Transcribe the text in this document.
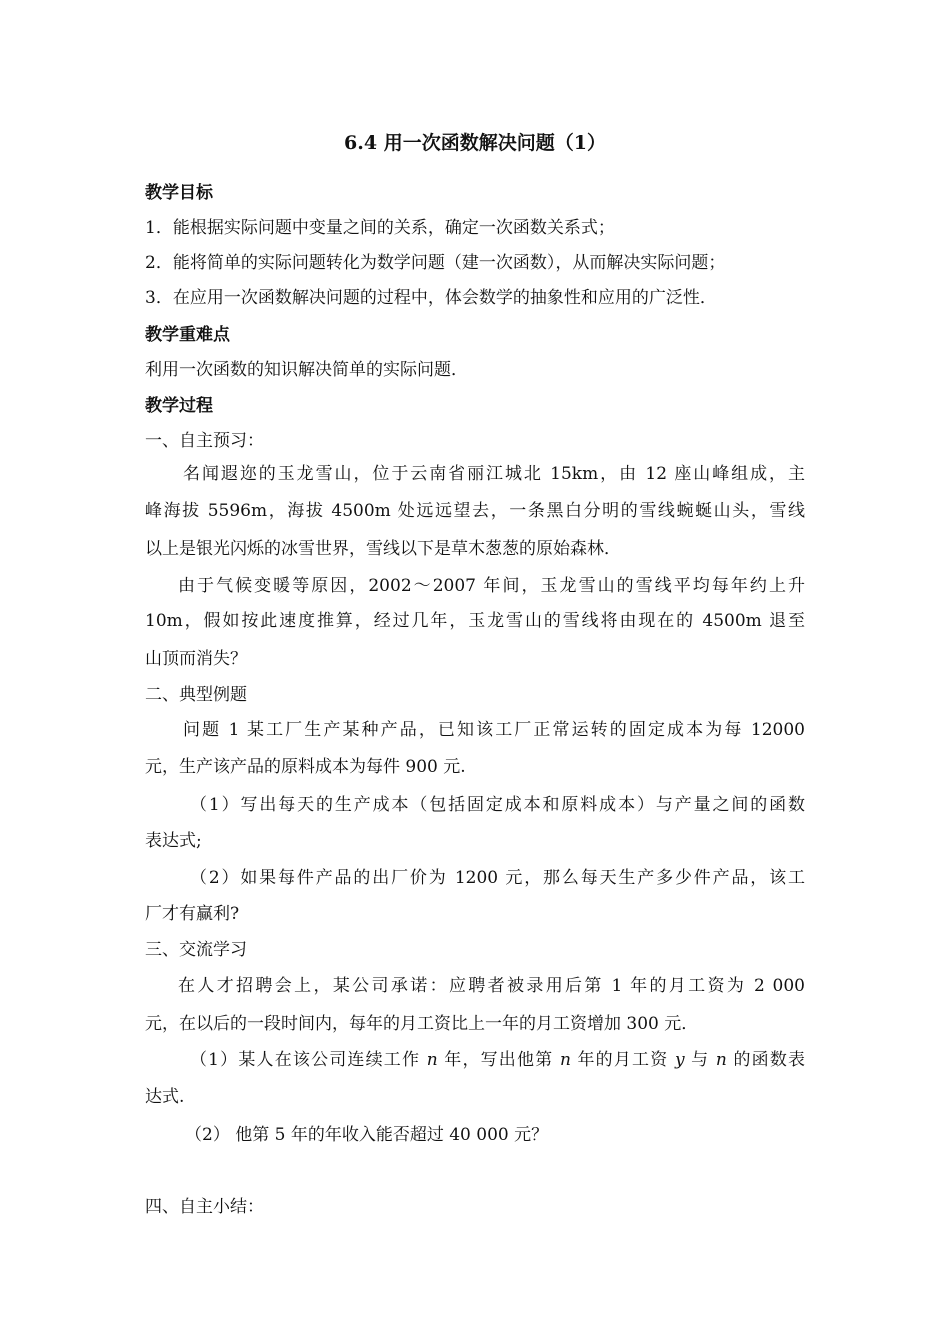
6.4 用一次函数解决问题（1）
教学目标
1．能根据实际问题中变量之间的关系，确定一次函数关系式；
2．能将简单的实际问题转化为数学问题（建一次函数），从而解决实际问题；
3．在应用一次函数解决问题的过程中，体会数学的抽象性和应用的广泛性．
教学重难点
利用一次函数的知识解决简单的实际问题．
教学过程
一、自主预习：
名闻遐迩的玉龙雪山，位于云南省丽江城北 15km，由 12 座山峰组成，主
峰海拔 5596m，海拔 4500m 处远远望去，一条黑白分明的雪线蜿蜒山头，雪线
以上是银光闪烁的冰雪世界，雪线以下是草木葱葱的原始森林．
由于气候变暖等原因，2002～2007 年间，玉龙雪山的雪线平均每年约上升
10m，假如按此速度推算，经过几年，玉龙雪山的雪线将由现在的 4500m 退至
山顶而消失？
二、典型例题
问题 1 某工厂生产某种产品，已知该工厂正常运转的固定成本为每 12000
元，生产该产品的原料成本为每件 900 元.
（1）写出每天的生产成本（包括固定成本和原料成本）与产量之间的函数
表达式;
（2）如果每件产品的出厂价为 1200 元，那么每天生产多少件产品，该工
厂才有赢利?
三、交流学习
在人才招聘会上，某公司承诺：应聘者被录用后第 1 年的月工资为 2 000
元，在以后的一段时间内，每年的月工资比上一年的月工资增加 300 元．
（1）某人在该公司连续工作 n 年，写出他第 n 年的月工资 y 与 n 的函数表
达式.
（2） 他第 5 年的年收入能否超过 40 000 元？
四、自主小结：
